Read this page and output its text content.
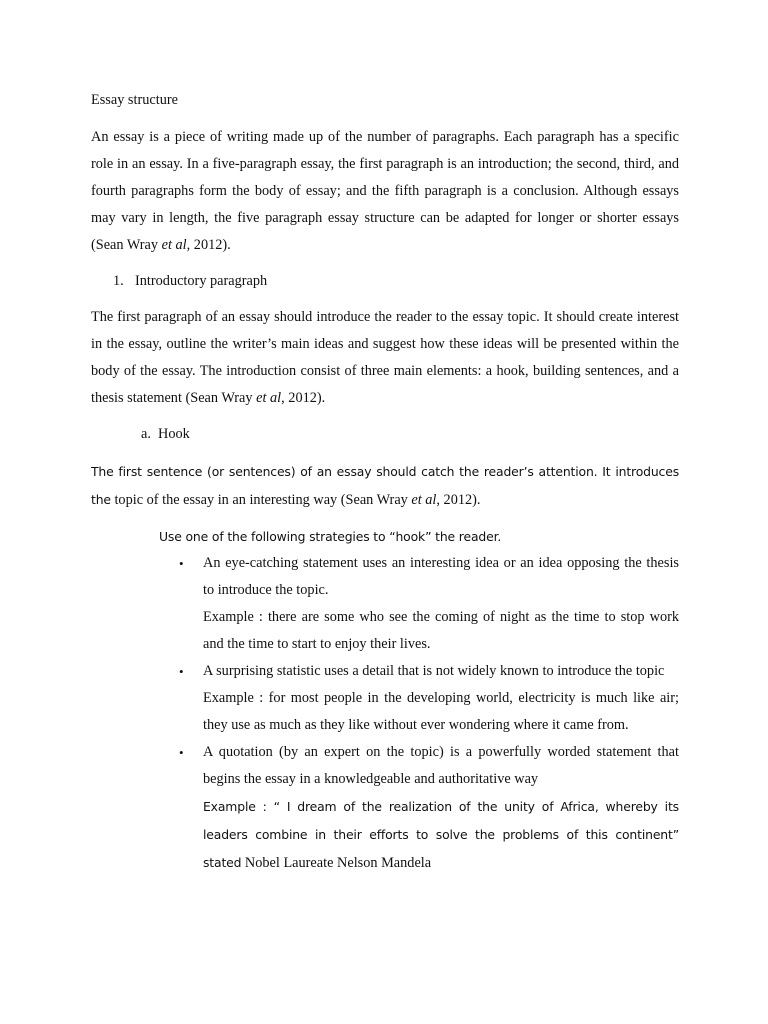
Essay structure

An essay is a piece of writing made up of the number of paragraphs. Each paragraph has a specific role in an essay. In a five-paragraph essay, the first paragraph is an introduction; the second, third, and fourth paragraphs form the body of essay; and the fifth paragraph is a conclusion. Although essays may vary in length, the five paragraph essay structure can be adapted for longer or shorter essays (Sean Wray et al, 2012).

1. Introductory paragraph

The first paragraph of an essay should introduce the reader to the essay topic. It should create interest in the essay, outline the writer’s main ideas and suggest how these ideas will be presented within the body of the essay. The introduction consist of three main elements: a hook, building sentences, and a thesis statement (Sean Wray et al, 2012).

a. Hook

The first sentence (or sentences) of an essay should catch the reader’s attention. It introduces the topic of the essay in an interesting way (Sean Wray et al, 2012).

Use one of the following strategies to “hook” the reader.

•	An eye-catching statement uses an interesting idea or an idea opposing the thesis to introduce the topic.

Example : there are some who see the coming of night as the time to stop work and the time to start to enjoy their lives.

•	A surprising statistic uses a detail that is not widely known to introduce the topic

Example : for most people in the developing world, electricity is much like air; they use as much as they like without ever wondering where it came from.

•	A quotation (by an expert on the topic) is a powerfully worded statement that begins the essay in a knowledgeable and authoritative way

Example : “ I dream of the realization of the unity of Africa, whereby its leaders combine in their efforts to solve the problems of this continent” stated Nobel Laureate Nelson Mandela
